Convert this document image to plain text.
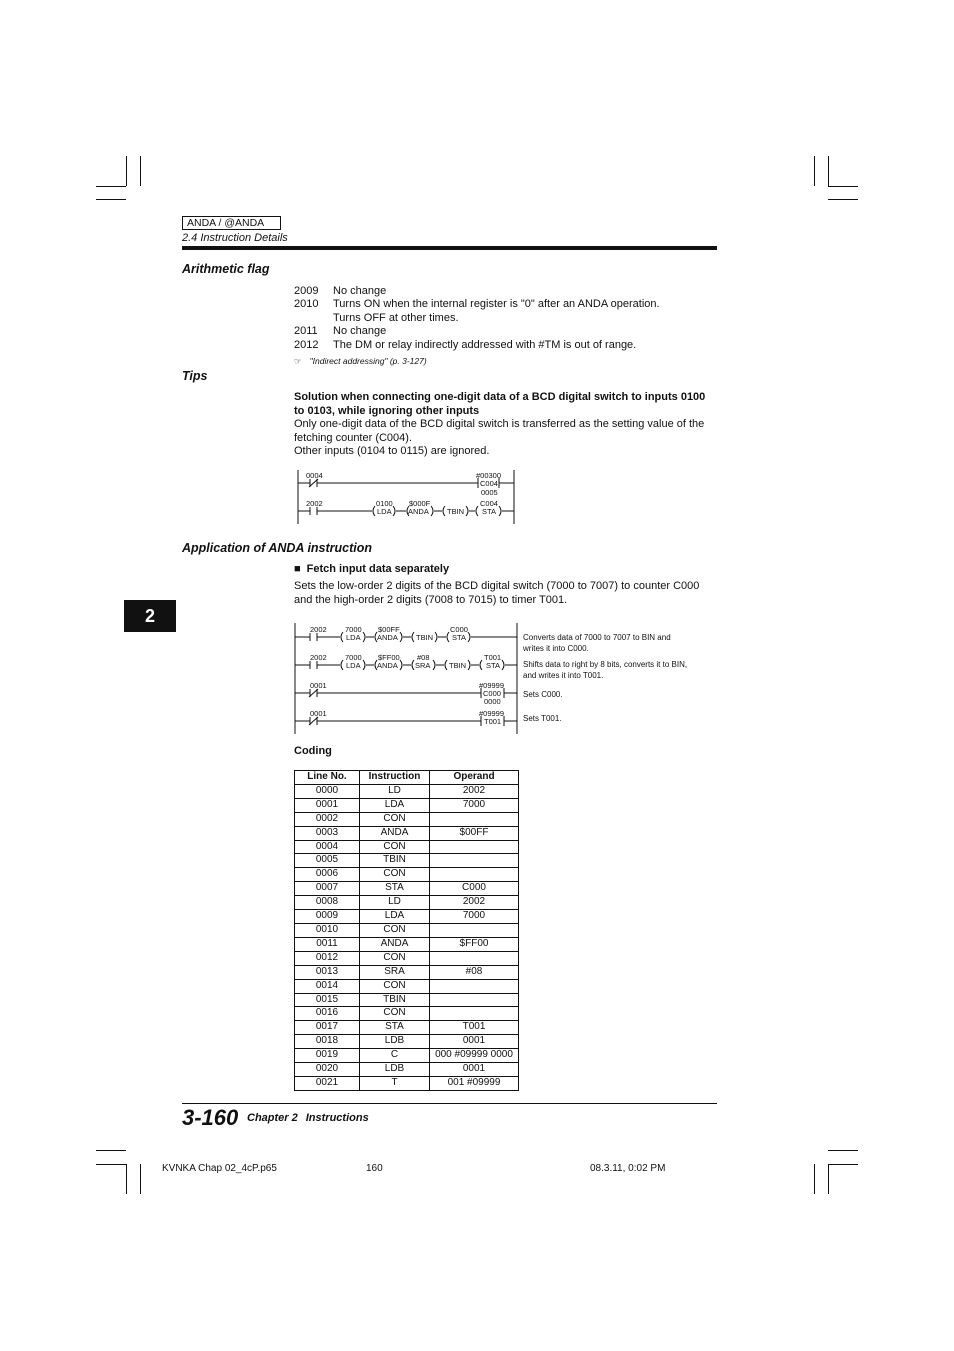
ANDA / @ANDA
2.4 Instruction Details
Arithmetic flag
2009 No change
2010 Turns ON when the internal register is "0" after an ANDA operation.
Turns OFF at other times.
2011 No change
2012 The DM or relay indirectly addressed with #TM is out of range.
☞ "Indirect addressing" (p. 3-127)
Tips
Solution when connecting one-digit data of a BCD digital switch to inputs 0100
to 0103, while ignoring other inputs
Only one-digit data of the BCD digital switch is transferred as the setting value of the
fetching counter (C004).
Other inputs (0104 to 0115) are ignored.
0004	#00300
C004
0005
2002	0100
LDA
$000F
ANDA TBIN
C004
STA
Application of ANDA instruction
■ Fetch input data separately
Sets the low-order 2 digits of the BCD digital switch (7000 to 7007) to counter C000
and the high-order 2 digits (7008 to 7015) to timer T001.
2
2002 7000
LDA
$00FF
ANDA TBIN
C000
STA
2002 7000
LDA
$FF00
ANDA
#08
SRA TBIN
T001
STA
0001	#09999
C000
0000
0001	#09999
T001
Converts data of 7000 to 7007 to BIN and
writes it into C000.
Shifts data to right by 8 bits, converts it to BIN,
and writes it into T001.
Sets C000.
Sets T001.
Coding
Line No.	Instruction	Operand
0000	LD	2002
0001	LDA	7000
0002	CON	
0003	ANDA	$00FF
0004	CON	
0005	TBIN	
0006	CON	
0007	STA	C000
0008	LD	2002
0009	LDA	7000
0010	CON	
0011	ANDA	$FF00
0012	CON	
0013	SRA	#08
0014	CON	
0015	TBIN	
0016	CON	
0017	STA	T001
0018	LDB	0001
0019	C	000 #09999 0000
0020	LDB	0001
0021	T	001 #09999
3-160 Chapter 2 Instructions
KVNKA Chap 02_4cP.p65	160	08.3.11, 0:02 PM
